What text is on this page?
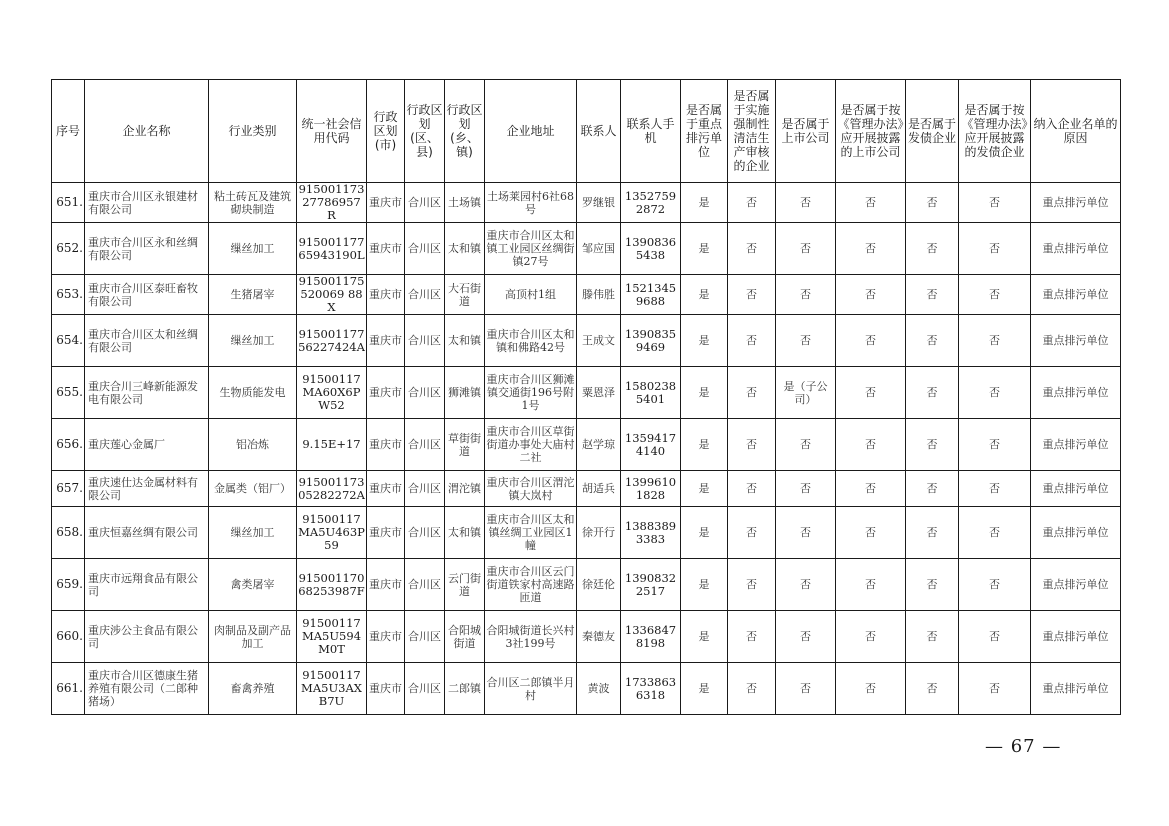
序号	企业名称	行业类别	统一社会信用代码	行政区划(市)	行政区划(区、县)	行政区划(乡、镇)	企业地址	联系人	联系人手机	是否属于重点排污单位	是否属于实施强制性清洁生产审核的企业	是否属于上市公司	是否属于按《管理办法》应开展披露的上市公司	是否属于发债企业	是否属于按《管理办法》应开展披露的发债企业	纳入企业名单的原因
651.	重庆市合川区永银建材有限公司	粘土砖瓦及建筑砌块制造	91500117327786957R	重庆市	合川区	土场镇	土场莱园村6社68号	罗继银	13527592872	是	否	否	否	否	否	重点排污单位
652.	重庆市合川区永和丝绸有限公司	缫丝加工	91500117765943190L	重庆市	合川区	太和镇	重庆市合川区太和镇工业园区丝绸街镇27号	邹应国	13908365438	是	否	否	否	否	否	重点排污单位
653.	重庆市合川区泰旺畜牧有限公司	生猪屠宰	915001175520069 88X	重庆市	合川区	大石街道	高顶村1组	滕伟胜	15213459688	是	否	否	否	否	否	重点排污单位
654.	重庆市合川区太和丝绸有限公司	缫丝加工	91500117756227424A	重庆市	合川区	太和镇	重庆市合川区太和镇和佛路42号	王成文	13908359469	是	否	否	否	否	否	重点排污单位
655.	重庆合川三峰新能源发电有限公司	生物质能发电	91500117MA60X6PW52	重庆市	合川区	狮滩镇	重庆市合川区狮滩镇交通街196号附1号	粟恩泽	15802385401	是	否	是（子公司）	否	否	否	重点排污单位
656.	重庆莲心金属厂	铝冶炼	9.15E+17	重庆市	合川区	草街街道	重庆市合川区草街街道办事处大庙村二社	赵学琼	13594174140	是	否	否	否	否	否	重点排污单位
657.	重庆速仕达金属材料有限公司	金属类（铝厂）	91500117305282272A	重庆市	合川区	渭沱镇	重庆市合川区渭沱镇大岚村	胡适兵	13996101828	是	否	否	否	否	否	重点排污单位
658.	重庆恒嘉丝绸有限公司	缫丝加工	91500117MA5U463P59	重庆市	合川区	太和镇	重庆市合川区太和镇丝绸工业园区1幢	徐开行	13883893383	是	否	否	否	否	否	重点排污单位
659.	重庆市远翔食品有限公司	禽类屠宰	91500117068253987F	重庆市	合川区	云门街道	重庆市合川区云门街道铁家村高速路匝道	徐廷伦	13908322517	是	否	否	否	否	否	重点排污单位
660.	重庆涉公主食品有限公司	肉制品及副产品加工	91500117MA5U594M0T	重庆市	合川区	合阳城街道	合阳城街道长兴村3社199号	秦德友	13368478198	是	否	否	否	否	否	重点排污单位
661.	重庆市合川区德康生猪养殖有限公司（二郎种猪场）	畜禽养殖	91500117MA5U3AXB7U	重庆市	合川区	二郎镇	合川区二郎镇半月村	黄波	17338636318	是	否	否	否	否	否	重点排污单位
— 67 —
